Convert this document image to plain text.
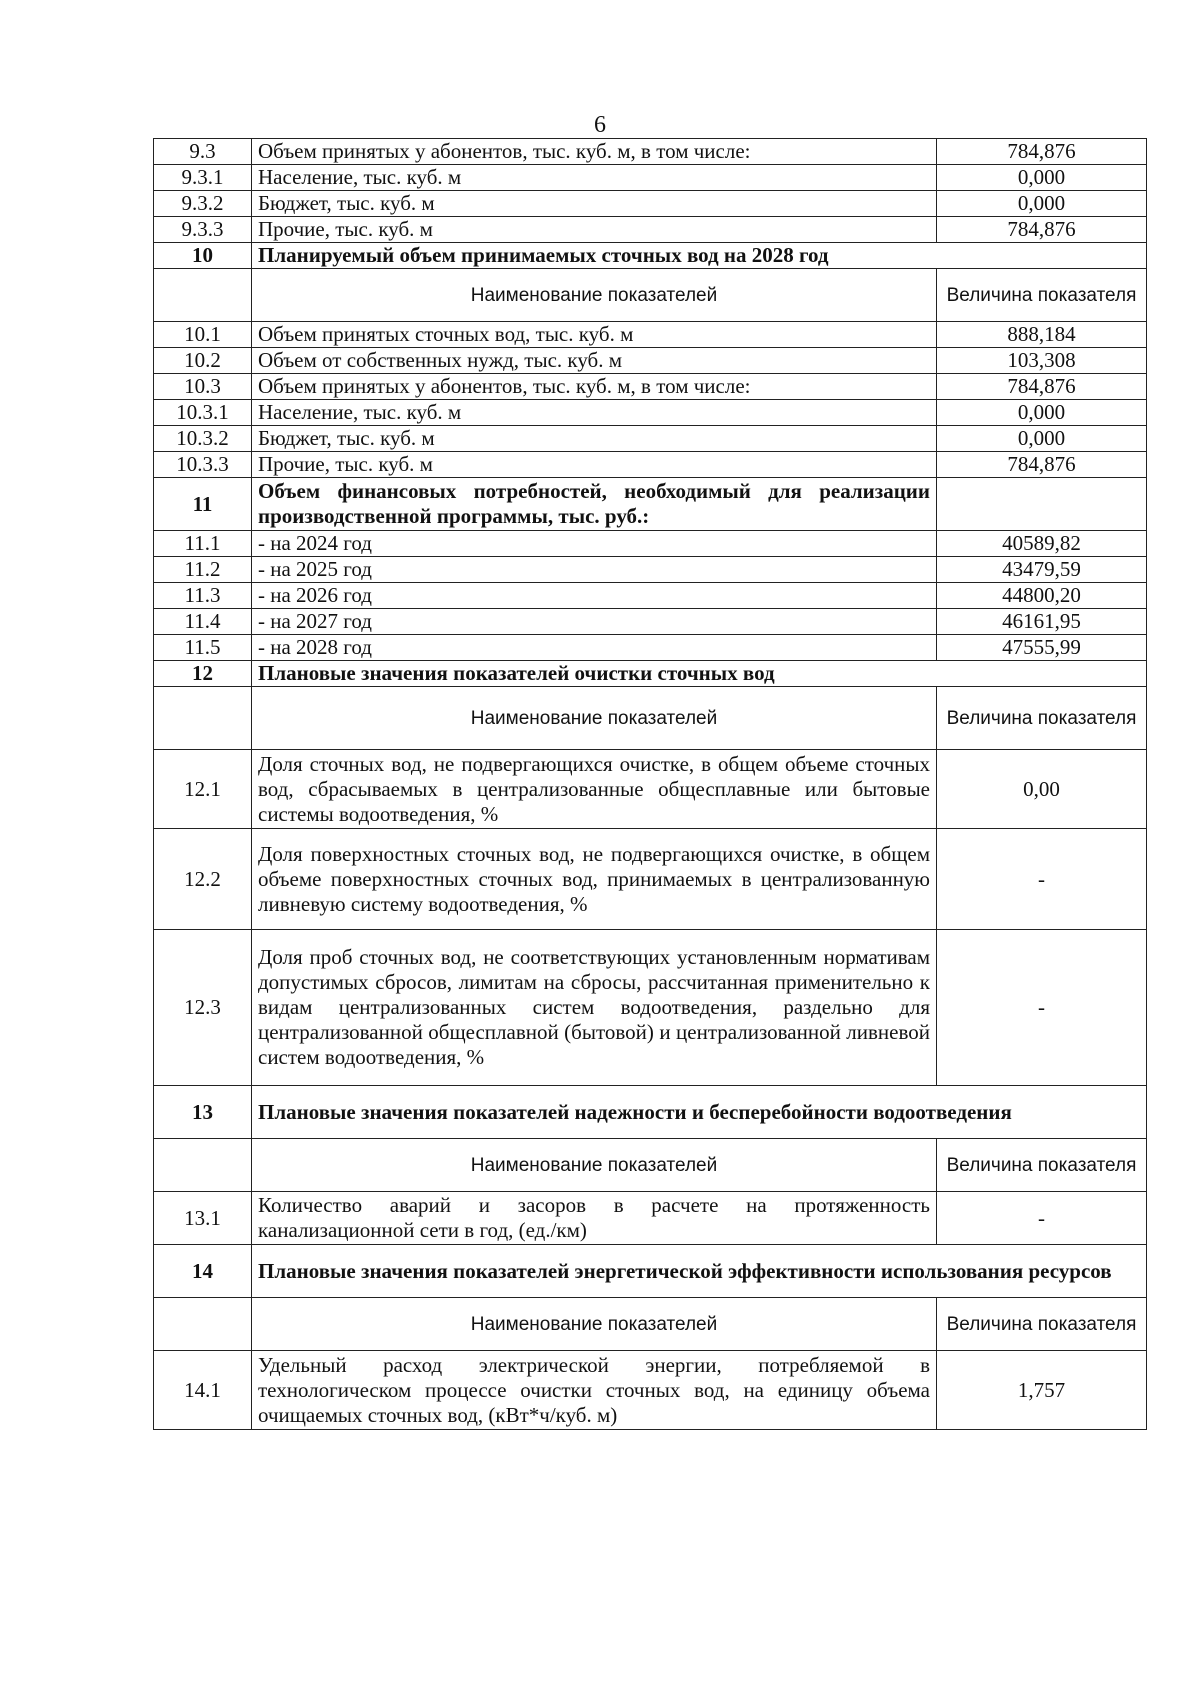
6
9.3	Объем принятых у абонентов, тыс. куб. м, в том числе:	784,876
9.3.1	Население, тыс. куб. м	0,000
9.3.2	Бюджет, тыс. куб. м	0,000
9.3.3	Прочие, тыс. куб. м	784,876
10	Планируемый объем принимаемых сточных вод на 2028 год	
	Наименование показателей	Величина показателя
10.1	Объем принятых сточных вод, тыс. куб. м	888,184
10.2	Объем от собственных нужд, тыс. куб. м	103,308
10.3	Объем принятых у абонентов, тыс. куб. м, в том числе:	784,876
10.3.1	Население, тыс. куб. м	0,000
10.3.2	Бюджет, тыс. куб. м	0,000
10.3.3	Прочие, тыс. куб. м	784,876
11	Объем финансовых потребностей, необходимый для реализации производственной программы, тыс. руб.:	
11.1	- на 2024 год	40589,82
11.2	- на 2025 год	43479,59
11.3	- на 2026 год	44800,20
11.4	- на 2027 год	46161,95
11.5	- на 2028 год	47555,99
12	Плановые значения показателей очистки сточных вод	
	Наименование показателей	Величина показателя
12.1	Доля сточных вод, не подвергающихся очистке, в общем объеме сточных вод, сбрасываемых в централизованные общесплавные или бытовые системы водоотведения, %	0,00
12.2	Доля поверхностных сточных вод, не подвергающихся очистке, в общем объеме поверхностных сточных вод, принимаемых в централизованную ливневую систему водоотведения, %	-
12.3	Доля проб сточных вод, не соответствующих установленным нормативам допустимых сбросов, лимитам на сбросы, рассчитанная применительно к видам централизованных систем водоотведения, раздельно для централизованной общесплавной (бытовой) и централизованной ливневой систем водоотведения, %	-
13	Плановые значения показателей надежности и бесперебойности водоотведения	
	Наименование показателей	Величина показателя
13.1	Количество аварий и засоров в расчете на протяженность канализационной сети в год, (ед./км)	-
14	Плановые значения показателей энергетической эффективности использования ресурсов	
	Наименование показателей	Величина показателя
14.1	Удельный расход электрической энергии, потребляемой в технологическом процессе очистки сточных вод, на единицу объема очищаемых сточных вод, (кВт*ч/куб. м)	1,757
